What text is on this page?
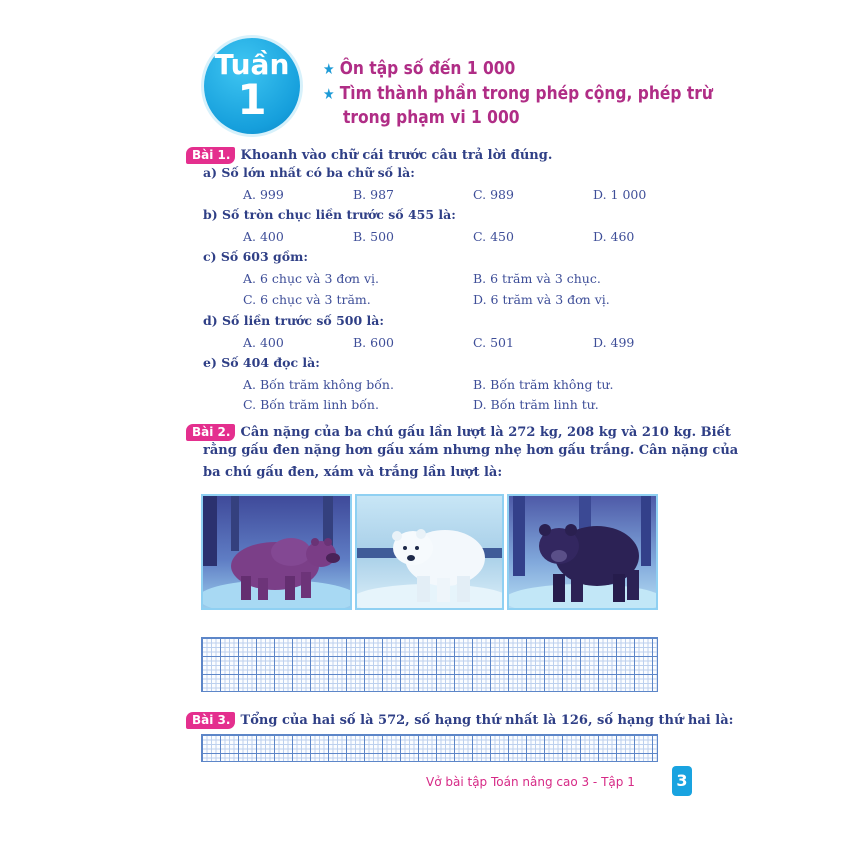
Tuần
1
★ Ôn tập số đến 1 000
★ Tìm thành phần trong phép cộng, phép trừ
trong phạm vi 1 000
Bài 1. Khoanh vào chữ cái trước câu trả lời đúng.
a) Số lớn nhất có ba chữ số là:
A. 999	B. 987	C. 989	D. 1 000
b) Số tròn chục liền trước số 455 là:
A. 400	B. 500	C. 450	D. 460
c) Số 603 gồm:
A. 6 chục và 3 đơn vị.	B. 6 trăm và 3 chục.
C. 6 chục và 3 trăm.	D. 6 trăm và 3 đơn vị.
d) Số liền trước số 500 là:
A. 400	B. 600	C. 501	D. 499
e) Số 404 đọc là:
A. Bốn trăm không bốn.	B. Bốn trăm không tư.
C. Bốn trăm linh bốn.	D. Bốn trăm linh tư.
Bài 2. Cân nặng của ba chú gấu lần lượt là 272 kg, 208 kg và 210 kg. Biết
rằng gấu đen nặng hơn gấu xám nhưng nhẹ hơn gấu trắng. Cân nặng của
ba chú gấu đen, xám và trắng lần lượt là:
Bài 3. Tổng của hai số là 572, số hạng thứ nhất là 126, số hạng thứ hai là:
Vở bài tập Toán nâng cao 3 - Tập 1	3
